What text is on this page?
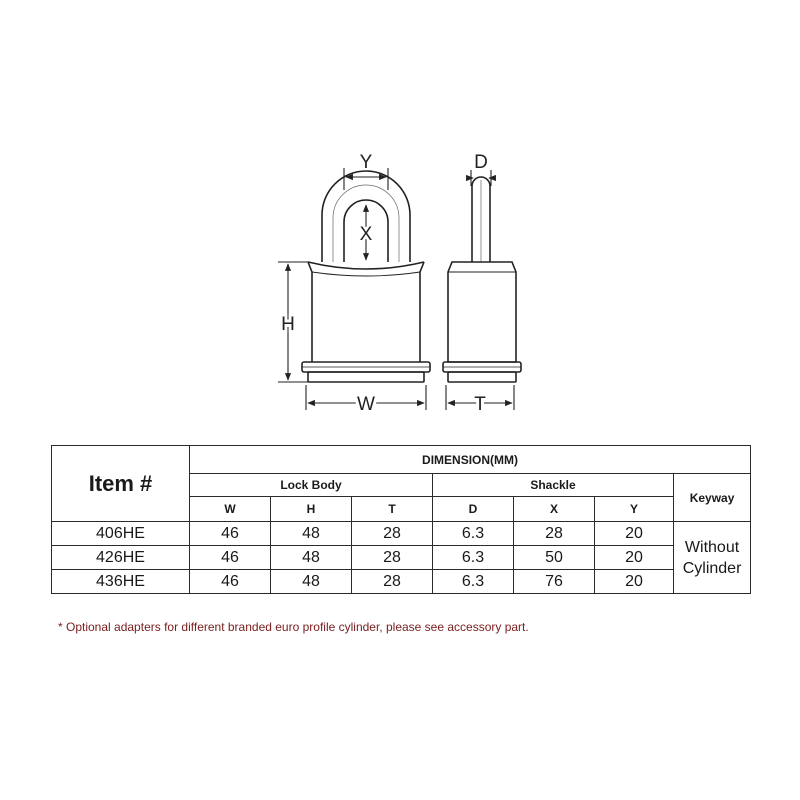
Y
X
H
W
D
T
Item #	DIMENSION(MM)						
	Lock Body			Shackle			Keyway
	W	H	T	D	X	Y	
406HE	46	48	28	6.3	28	20	Without
Cylinder

426HE	46	48	28	6.3	50	20	
436HE	46	48	28	6.3	76	20	
* Optional adapters for different branded euro profile cylinder, please see accessory part.
